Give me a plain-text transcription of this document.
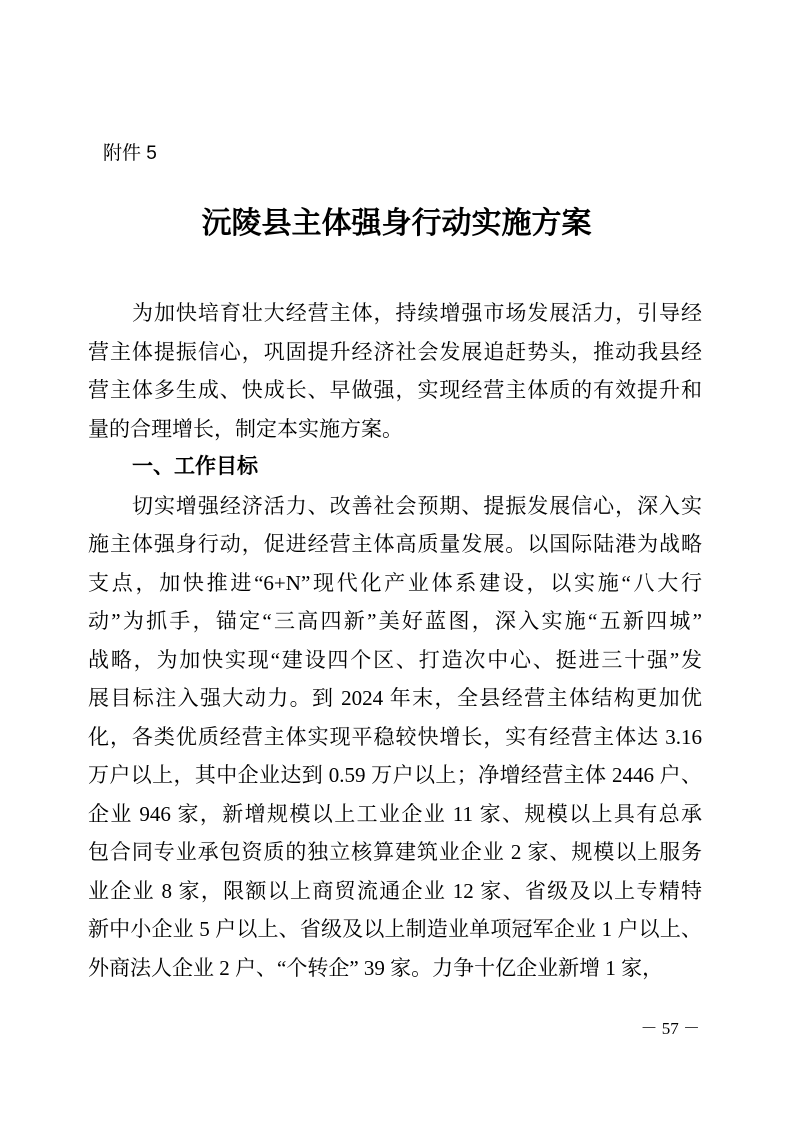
附件 5
沅陵县主体强身行动实施方案
为加快培育壮大经营主体，持续增强市场发展活力，引导经
营主体提振信心，巩固提升经济社会发展追赶势头，推动我县经
营主体多生成、快成长、早做强，实现经营主体质的有效提升和
量的合理增长，制定本实施方案。
一、工作目标
切实增强经济活力、改善社会预期、提振发展信心，深入实
施主体强身行动，促进经营主体高质量发展。以国际陆港为战略
支点，加快推进“6+N”现代化产业体系建设，以实施“八大行
动”为抓手，锚定“三高四新”美好蓝图，深入实施“五新四城”
战略，为加快实现“建设四个区、打造次中心、挺进三十强”发
展目标注入强大动力。到 2024 年末，全县经营主体结构更加优
化，各类优质经营主体实现平稳较快增长，实有经营主体达 3.16
万户以上，其中企业达到 0.59 万户以上；净增经营主体 2446 户、
企业 946 家，新增规模以上工业企业 11 家、规模以上具有总承
包合同专业承包资质的独立核算建筑业企业 2 家、规模以上服务
业企业 8 家，限额以上商贸流通企业 12 家、省级及以上专精特
新中小企业 5 户以上、省级及以上制造业单项冠军企业 1 户以上、
外商法人企业 2 户、“个转企” 39 家。力争十亿企业新增 1 家，
－ 57 －
